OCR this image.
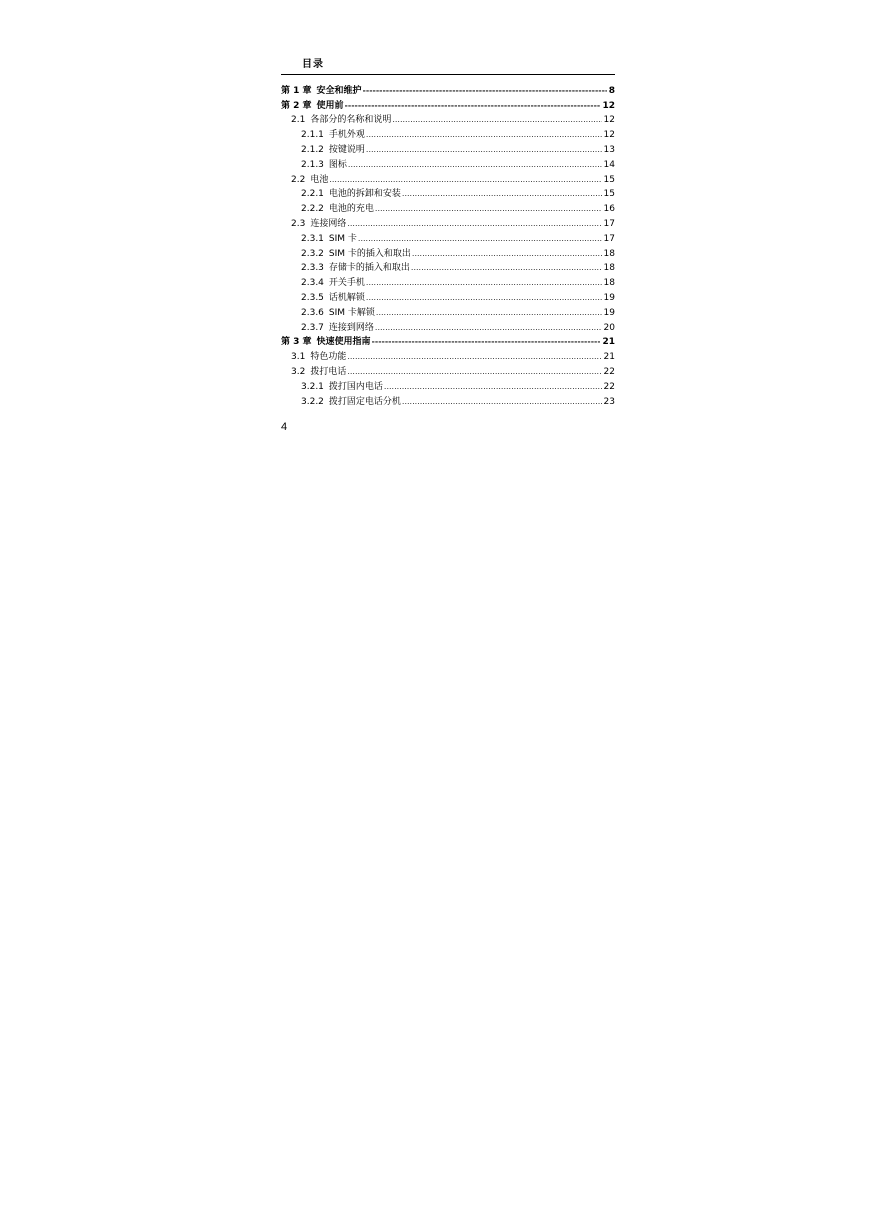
目录
第 1 章 安全和维护 -----	8
第 2 章 使用前 -----	12
2.1 各部分的名称和说明 .....	12
2.1.1 手机外观 .....	12
2.1.2 按键说明 .....	13
2.1.3 图标 .....	14
2.2 电池 .....	15
2.2.1 电池的拆卸和安装 .....	15
2.2.2 电池的充电 .....	16
2.3 连接网络 .....	17
2.3.1 SIM 卡 .....	17
2.3.2 SIM 卡的插入和取出 .....	18
2.3.3 存储卡的插入和取出 .....	18
2.3.4 开关手机 .....	18
2.3.5 话机解锁 .....	19
2.3.6 SIM 卡解锁 .....	19
2.3.7 连接到网络 .....	20
第 3 章 快速使用指南 -----	21
3.1 特色功能 .....	21
3.2 拨打电话 .....	22
3.2.1 拨打国内电话 .....	22
3.2.2 拨打固定电话分机 .....	23
4
